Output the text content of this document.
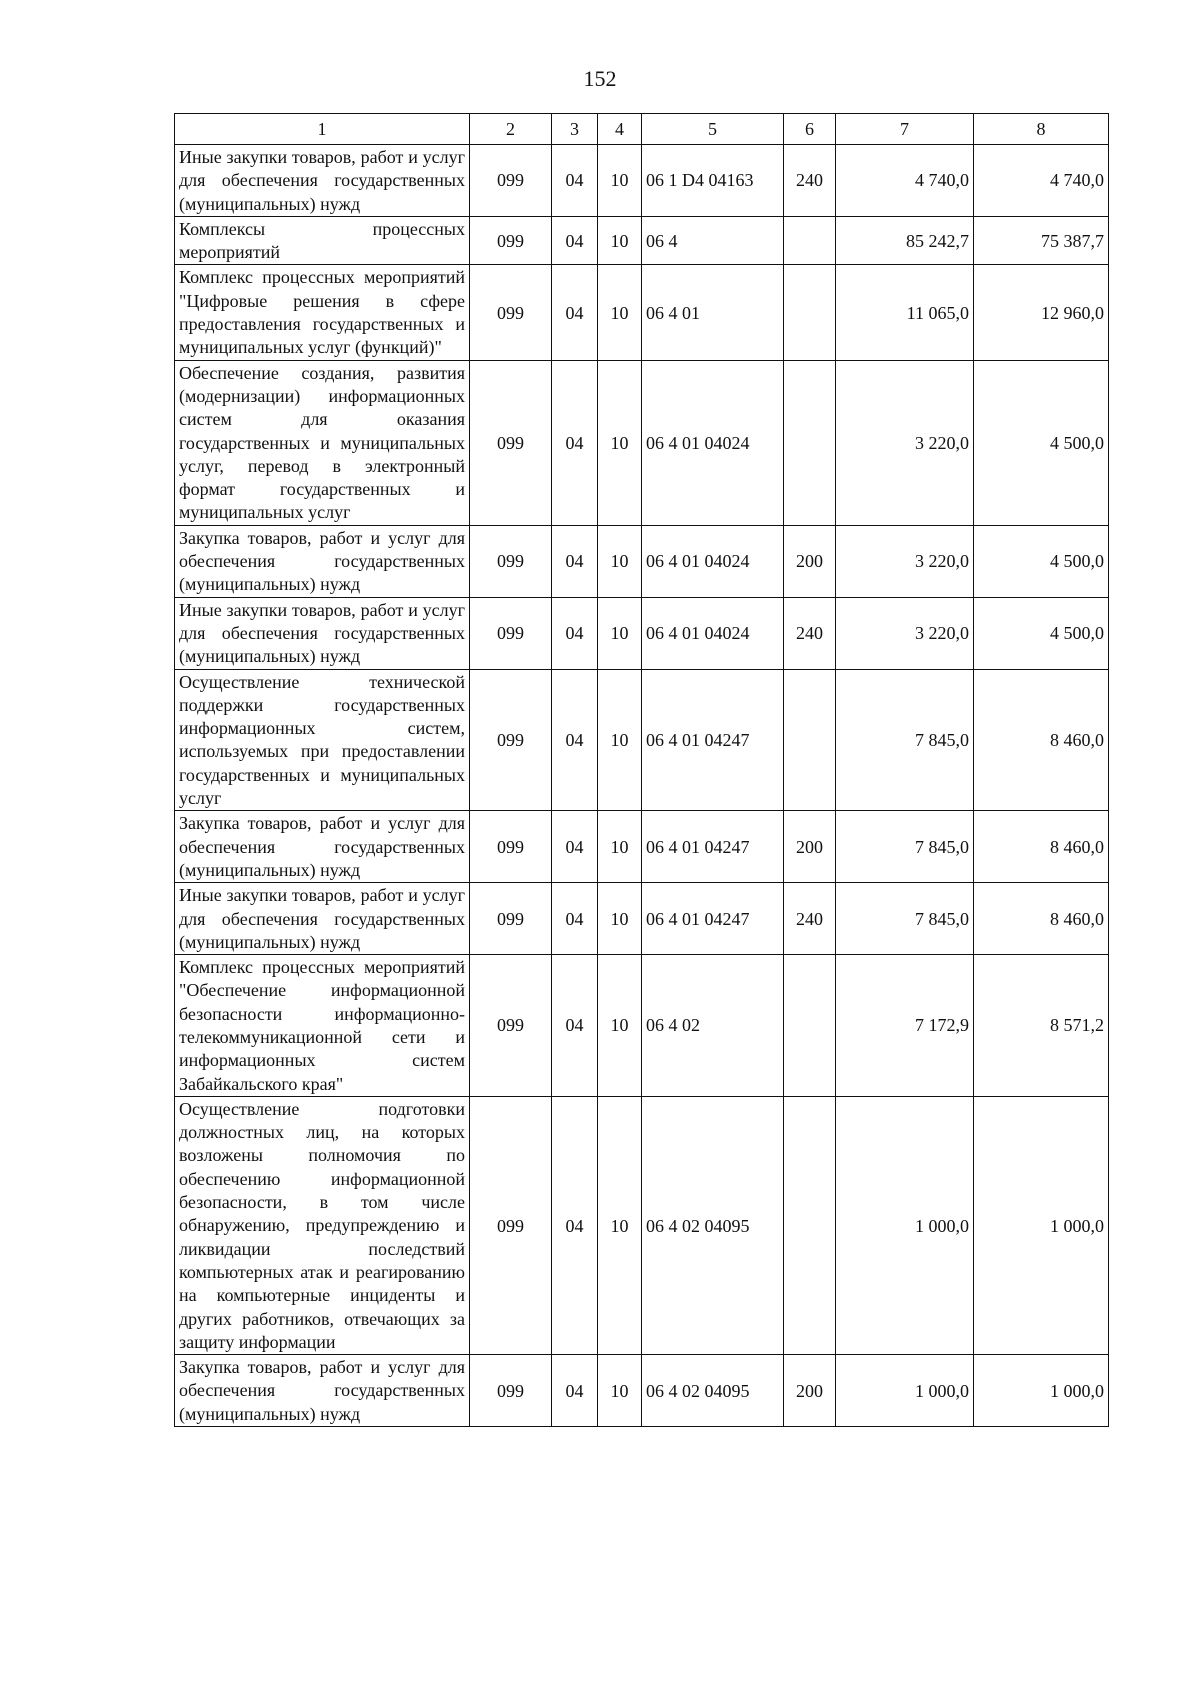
152
1	2	3	4	5	6	7	8
Иные закупки товаров, работ и услуг для обеспечения государственных (муниципальных) нужд	099	04	10	06 1 D4 04163	240	4 740,0	4 740,0
Комплексы процессных мероприятий	099	04	10	06 4		85 242,7	75 387,7
Комплекс процессных мероприятий "Цифровые решения в сфере предоставления государственных и муниципальных услуг (функций)"	099	04	10	06 4 01		11 065,0	12 960,0
Обеспечение создания, развития (модернизации) информационных систем для оказания государственных и муниципальных услуг, перевод в электронный формат государственных и муниципальных услуг	099	04	10	06 4 01 04024		3 220,0	4 500,0
Закупка товаров, работ и услуг для обеспечения государственных (муниципальных) нужд	099	04	10	06 4 01 04024	200	3 220,0	4 500,0
Иные закупки товаров, работ и услуг для обеспечения государственных (муниципальных) нужд	099	04	10	06 4 01 04024	240	3 220,0	4 500,0
Осуществление технической поддержки государственных информационных систем, используемых при предоставлении государственных и муниципальных услуг	099	04	10	06 4 01 04247		7 845,0	8 460,0
Закупка товаров, работ и услуг для обеспечения государственных (муниципальных) нужд	099	04	10	06 4 01 04247	200	7 845,0	8 460,0
Иные закупки товаров, работ и услуг для обеспечения государственных (муниципальных) нужд	099	04	10	06 4 01 04247	240	7 845,0	8 460,0
Комплекс процессных мероприятий "Обеспечение информационной безопасности информационно-телекоммуникационной сети и информационных систем Забайкальского края"	099	04	10	06 4 02		7 172,9	8 571,2
Осуществление подготовки должностных лиц, на которых возложены полномочия по обеспечению информационной безопасности, в том числе обнаружению, предупреждению и ликвидации последствий компьютерных атак и реагированию на компьютерные инциденты и других работников, отвечающих за защиту информации	099	04	10	06 4 02 04095		1 000,0	1 000,0
Закупка товаров, работ и услуг для обеспечения государственных (муниципальных) нужд	099	04	10	06 4 02 04095	200	1 000,0	1 000,0
